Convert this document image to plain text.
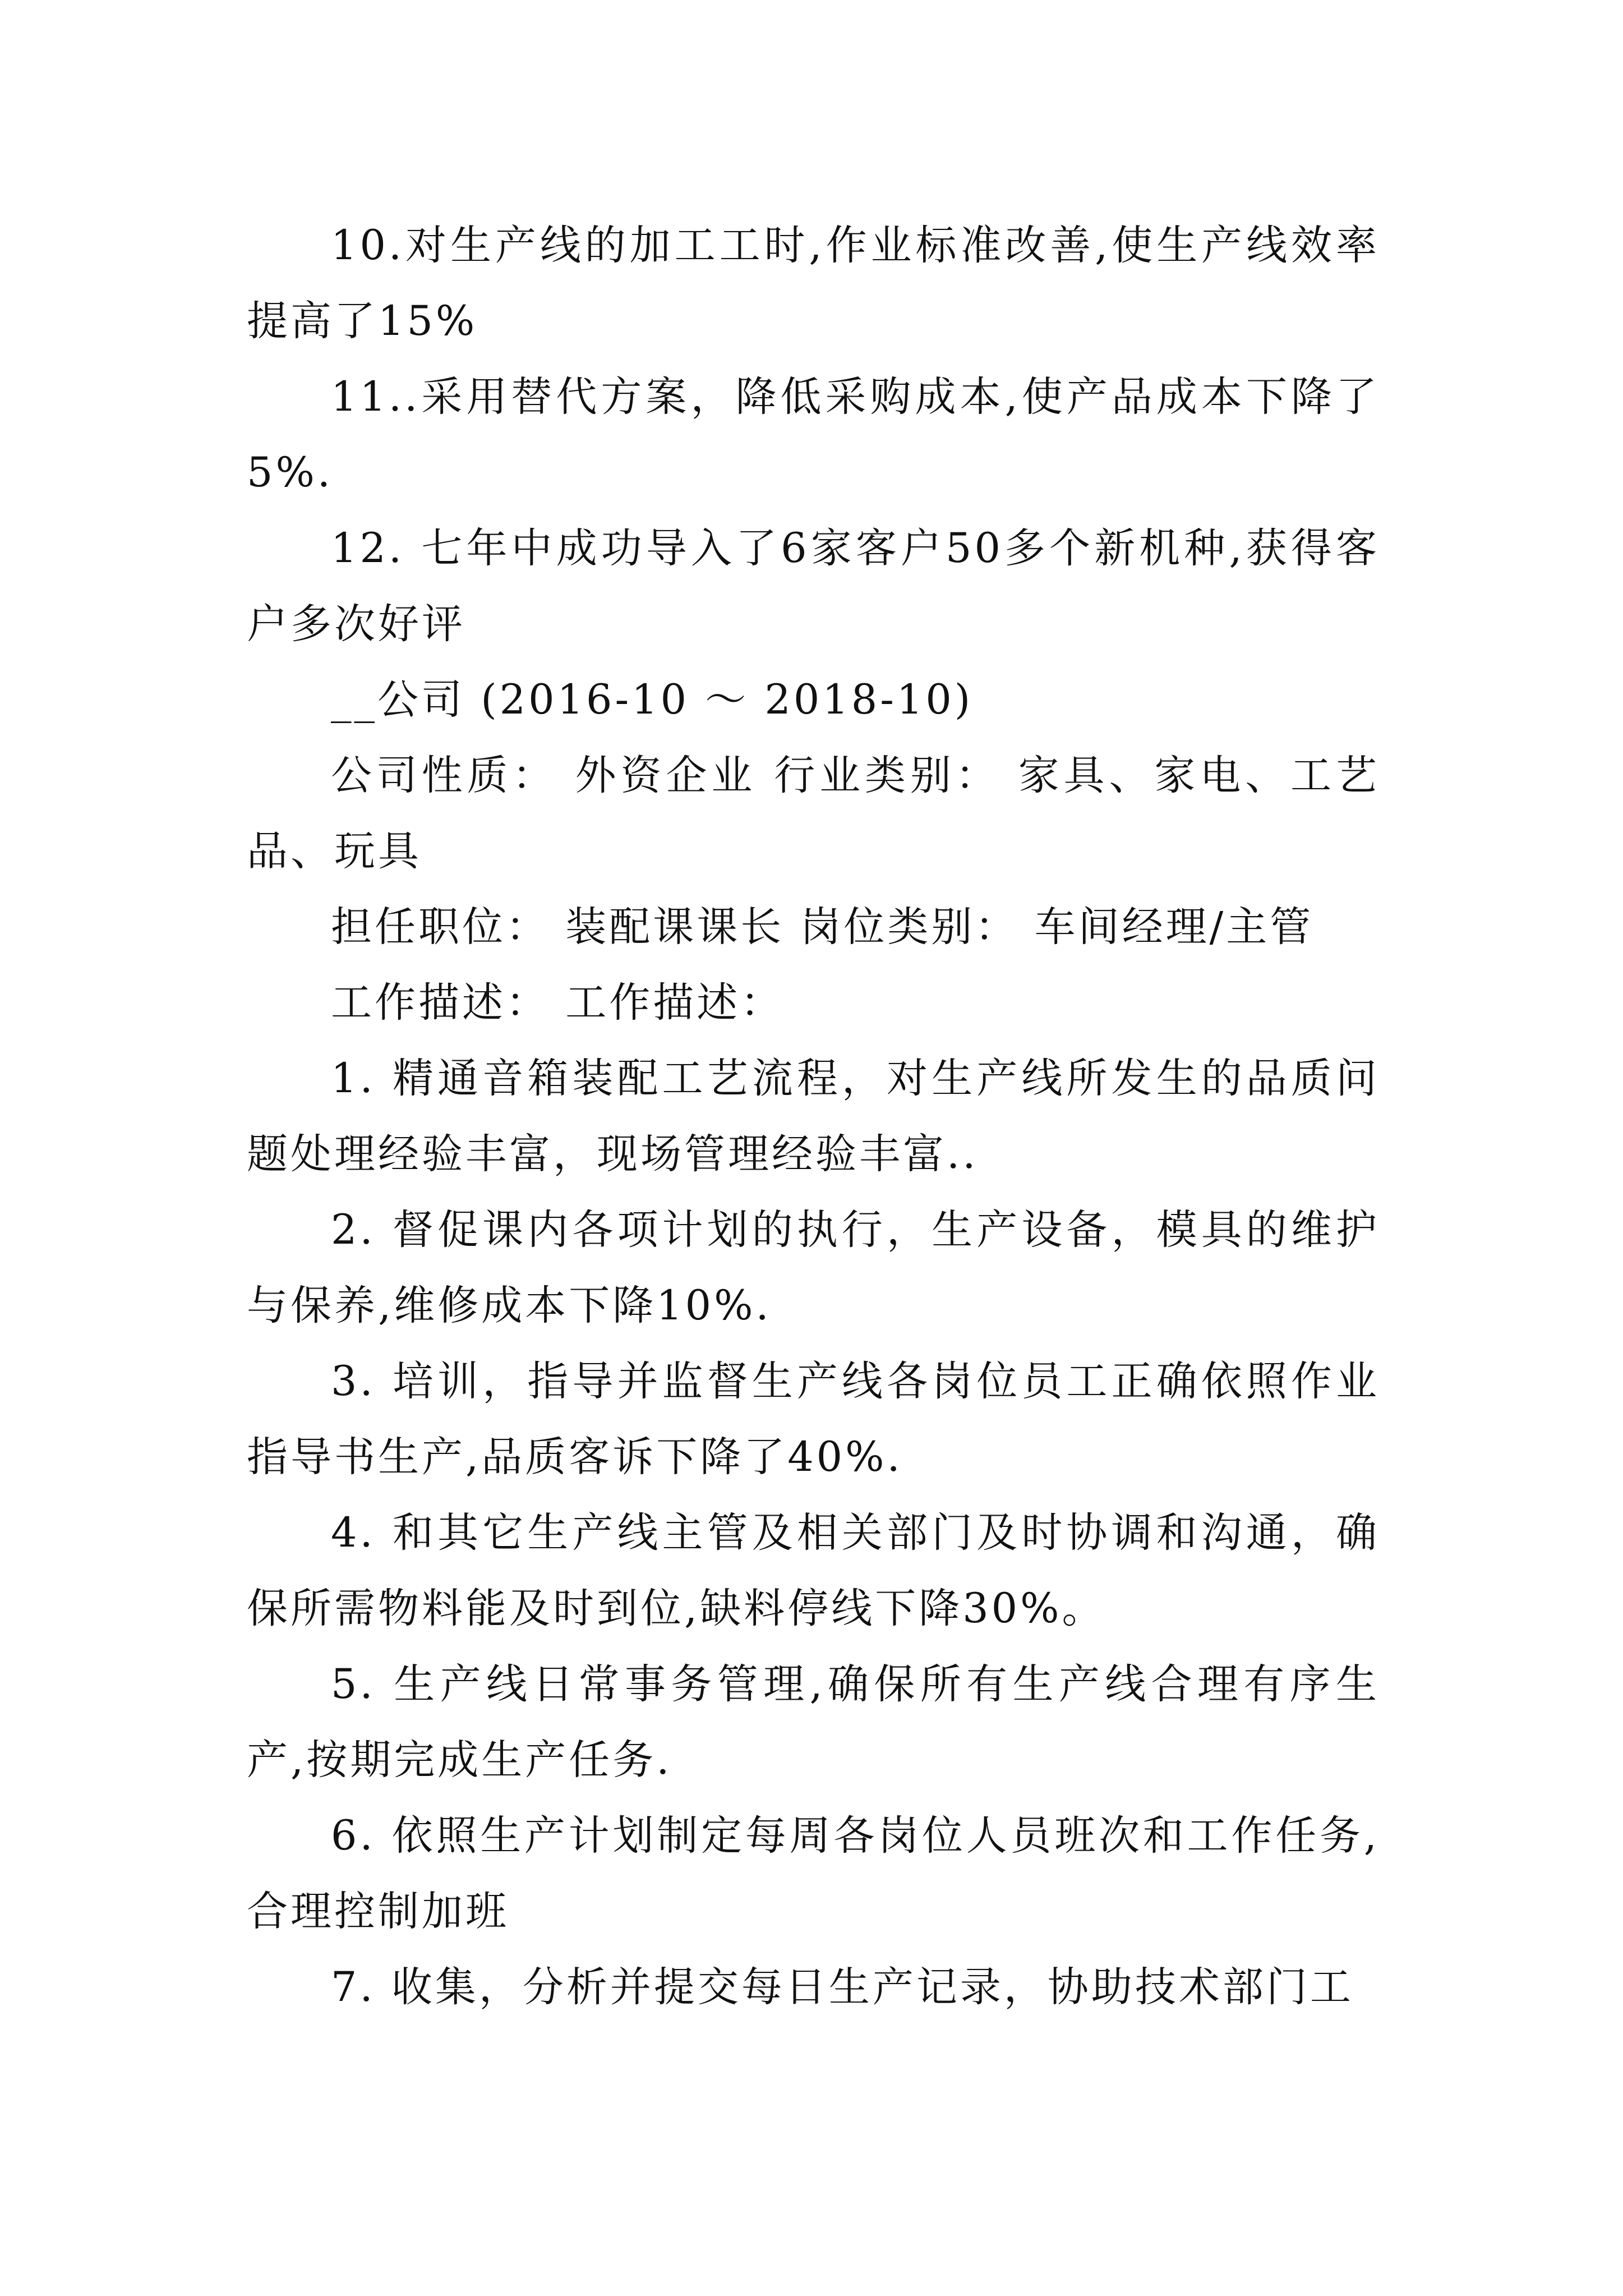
10.对生产线的加工工时,作业标准改善,使生产线效率提高了15%

11..采用替代方案，降低采购成本,使产品成本下降了5%.

12. 七年中成功导入了6家客户50多个新机种,获得客户多次好评

__公司 (2016-10 ～ 2018-10)

公司性质： 外资企业 行业类别： 家具、家电、工艺品、玩具

担任职位： 装配课课长 岗位类别： 车间经理/主管

工作描述： 工作描述：

1. 精通音箱装配工艺流程，对生产线所发生的品质问题处理经验丰富，现场管理经验丰富..

2. 督促课内各项计划的执行，生产设备，模具的维护与保养,维修成本下降10%.

3. 培训，指导并监督生产线各岗位员工正确依照作业指导书生产,品质客诉下降了40%.

4. 和其它生产线主管及相关部门及时协调和沟通，确保所需物料能及时到位,缺料停线下降30%。

5. 生产线日常事务管理,确保所有生产线合理有序生产,按期完成生产任务.

6. 依照生产计划制定每周各岗位人员班次和工作任务,合理控制加班

7. 收集，分析并提交每日生产记录，协助技术部门工
